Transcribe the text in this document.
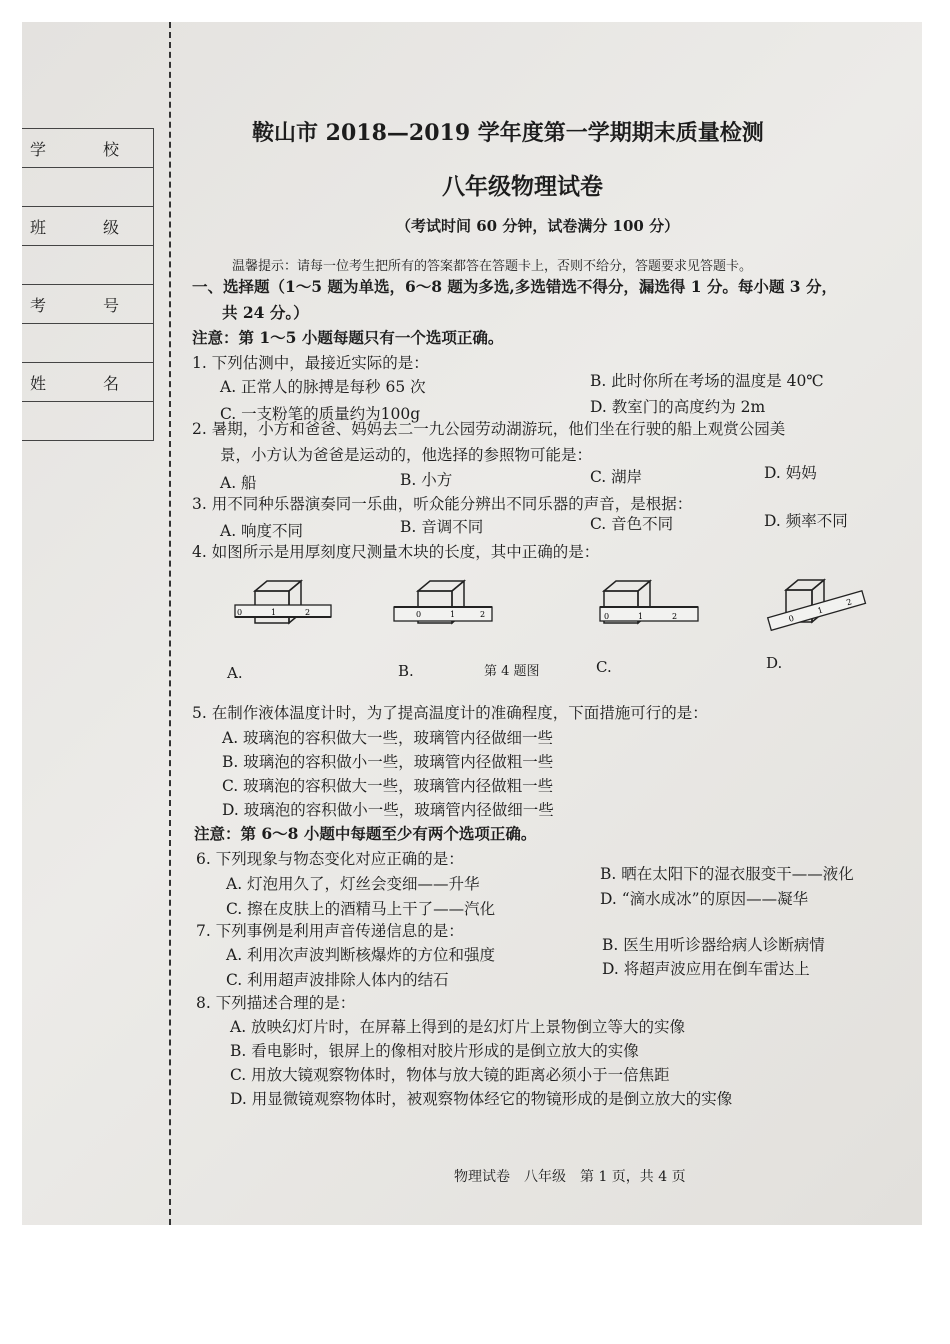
学 校

班 级

考 号

姓 名

鞍山市 2018—2019 学年度第一学期期末质量检测
八年级物理试卷
（考试时间 60 分钟，试卷满分 100 分）
温馨提示：请每一位考生把所有的答案都答在答题卡上，否则不给分，答题要求见答题卡。
一、选择题（1～5 题为单选，6～8 题为多选,多选错选不得分，漏选得 1 分。每小题 3 分，
共 24 分。）
注意：第 1～5 小题每题只有一个选项正确。
1. 下列估测中，最接近实际的是：
A. 正常人的脉搏是每秒 65 次	B. 此时你所在考场的温度是 40℃
C. 一支粉笔的质量约为100g	D. 教室门的高度约为 2m
2. 暑期，小方和爸爸、妈妈去二一九公园劳动湖游玩，他们坐在行驶的船上观赏公园美
景，小方认为爸爸是运动的，他选择的参照物可能是：
A. 船	B. 小方	C. 湖岸	D. 妈妈
3. 用不同种乐器演奏同一乐曲，听众能分辨出不同乐器的声音，是根据：
A. 响度不同	B. 音调不同	C. 音色不同	D. 频率不同
4. 如图所示是用厚刻度尺测量木块的长度，其中正确的是：
0	1	2
A.
0	1	2
B.	第 4 题图
0	1	2
C.
0
1
2
D.
5. 在制作液体温度计时，为了提高温度计的准确程度，下面措施可行的是：
A. 玻璃泡的容积做大一些，玻璃管内径做细一些
B. 玻璃泡的容积做小一些，玻璃管内径做粗一些
C. 玻璃泡的容积做大一些，玻璃管内径做粗一些
D. 玻璃泡的容积做小一些，玻璃管内径做细一些
注意：第 6～8 小题中每题至少有两个选项正确。
6. 下列现象与物态变化对应正确的是：
A. 灯泡用久了，灯丝会变细——升华
B. 晒在太阳下的湿衣服变干——液化
C. 擦在皮肤上的酒精马上干了——汽化
D. “滴水成冰”的原因——凝华
7. 下列事例是利用声音传递信息的是：
A. 利用次声波判断核爆炸的方位和强度
B. 医生用听诊器给病人诊断病情
C. 利用超声波排除人体内的结石
D. 将超声波应用在倒车雷达上
8. 下列描述合理的是：
A. 放映幻灯片时，在屏幕上得到的是幻灯片上景物倒立等大的实像
B. 看电影时，银屏上的像相对胶片形成的是倒立放大的实像
C. 用放大镜观察物体时，物体与放大镜的距离必须小于一倍焦距
D. 用显微镜观察物体时，被观察物体经它的物镜形成的是倒立放大的实像
物理试卷　八年级　第 1 页，共 4 页
